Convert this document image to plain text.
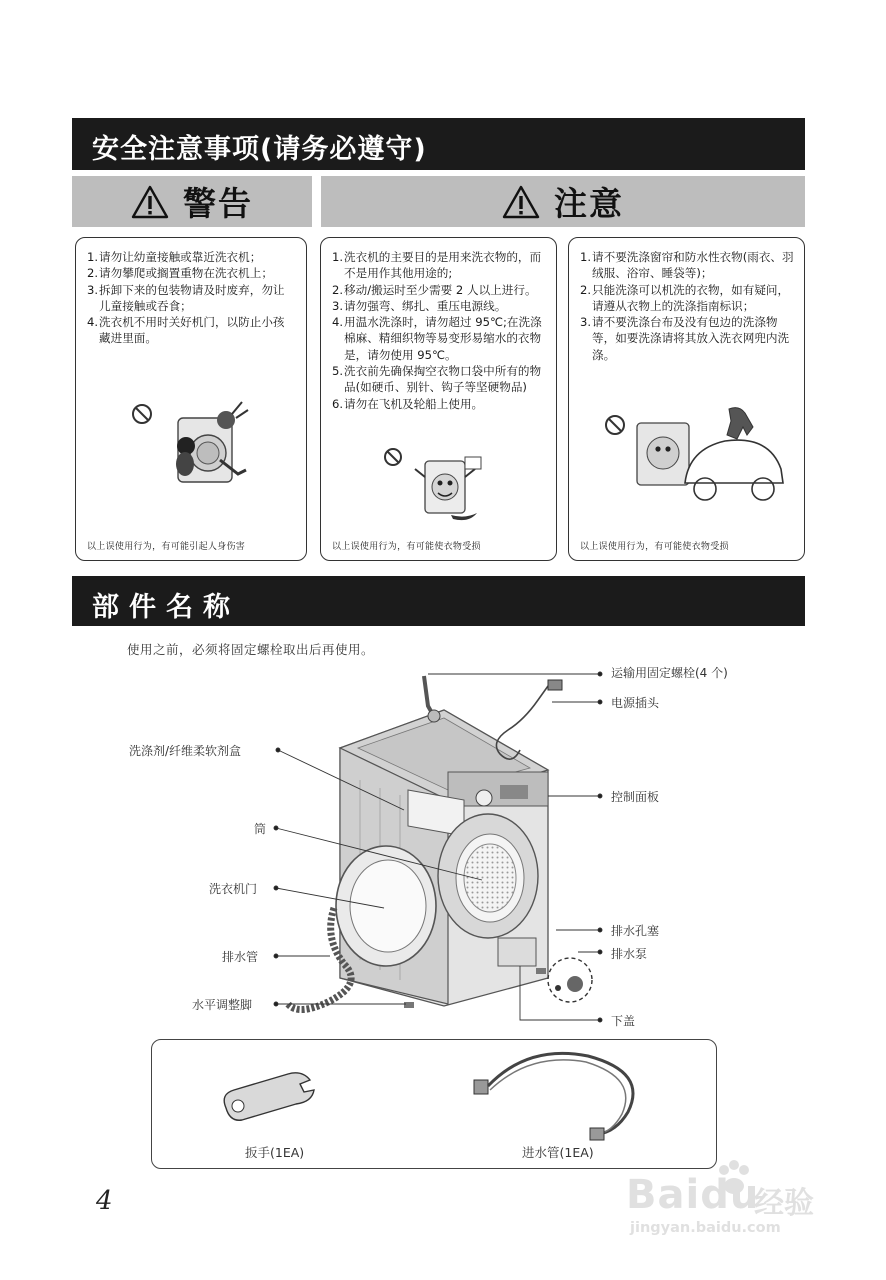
安全注意事项(请务必遵守)
警告	注意
1. 请勿让幼童接触或靠近洗衣机；
2. 请勿攀爬或搁置重物在洗衣机上；
3. 拆卸下来的包装物请及时废弃，勿让儿童接触或吞食；
4. 洗衣机不用时关好机门，以防止小孩藏进里面。
以上误使用行为，有可能引起人身伤害
1. 洗衣机的主要目的是用来洗衣物的，而不是用作其他用途的;
2. 移动/搬运时至少需要 2 人以上进行。
3. 请勿强弯、绑扎、重压电源线。
4. 用温水洗涤时，请勿超过 95℃;在洗涤棉麻、精细织物等易变形易缩水的衣物是，请勿使用 95℃。
5. 洗衣前先确保掏空衣物口袋中所有的物品(如硬币、别针、钩子等坚硬物品)
6. 请勿在飞机及轮船上使用。
以上误使用行为，有可能使衣物受损
1. 请不要洗涤窗帘和防水性衣物(雨衣、羽绒服、浴帘、睡袋等)；
2. 只能洗涤可以机洗的衣物，如有疑问，请遵从衣物上的洗涤指南标识；
3. 请不要洗涤台布及没有包边的洗涤物等，如要洗涤请将其放入洗衣网兜内洗涤。
以上误使用行为，有可能使衣物受损
部件名称
使用之前，必须将固定螺栓取出后再使用。
运输用固定螺栓(4 个)
电源插头
洗涤剂/纤维柔软剂盒
控制面板
筒
洗衣机门
排水孔塞
排水泵
排水管
水平调整脚
下盖
扳手(1EA)	进水管(1EA)
4	Baidu
经验
jingyan.baidu.com
